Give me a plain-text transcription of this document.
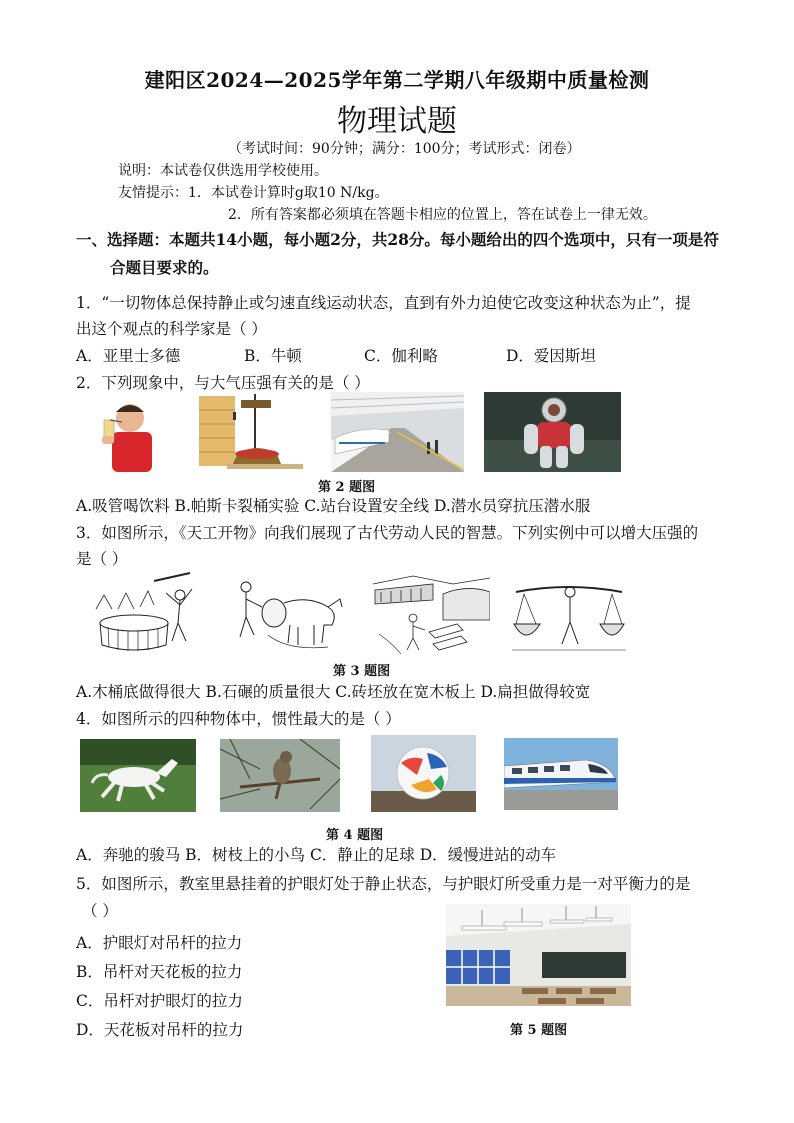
建阳区2024—2025学年第二学期八年级期中质量检测
物理试题
（考试时间：90分钟；满分：100分；考试形式：闭卷）
说明：本试卷仅供选用学校使用。
友情提示：1．本试卷计算时g取10 N/kg。
2．所有答案都必须填在答题卡相应的位置上，答在试卷上一律无效。
一、选择题：本题共14小题，每小题2分，共28分。每小题给出的四个选项中，只有一项是符
合题目要求的。
1．“一切物体总保持静止或匀速直线运动状态，直到有外力迫使它改变这种状态为止”，提
出这个观点的科学家是（ ）
A．亚里士多德	B．牛顿	C．伽利略	D．爱因斯坦
2．下列现象中，与大气压强有关的是（ ）
第 2 题图
A.吸管喝饮料 B.帕斯卡裂桶实验 C.站台设置安全线 D.潜水员穿抗压潜水服
3．如图所示，《天工开物》向我们展现了古代劳动人民的智慧。下列实例中可以增大压强的
是（ ）
第 3 题图
A.木桶底做得很大 B.石碾的质量很大 C.砖坯放在宽木板上 D.扁担做得较宽
4．如图所示的四种物体中，惯性最大的是（ ）
第 4 题图
A．奔驰的骏马 B．树枝上的小鸟 C．静止的足球 D．缓慢进站的动车
5．如图所示，教室里悬挂着的护眼灯处于静止状态，与护眼灯所受重力是一对平衡力的是
（ ）
A．护眼灯对吊杆的拉力
B．吊杆对天花板的拉力
C．吊杆对护眼灯的拉力
D．天花板对吊杆的拉力	第 5 题图
